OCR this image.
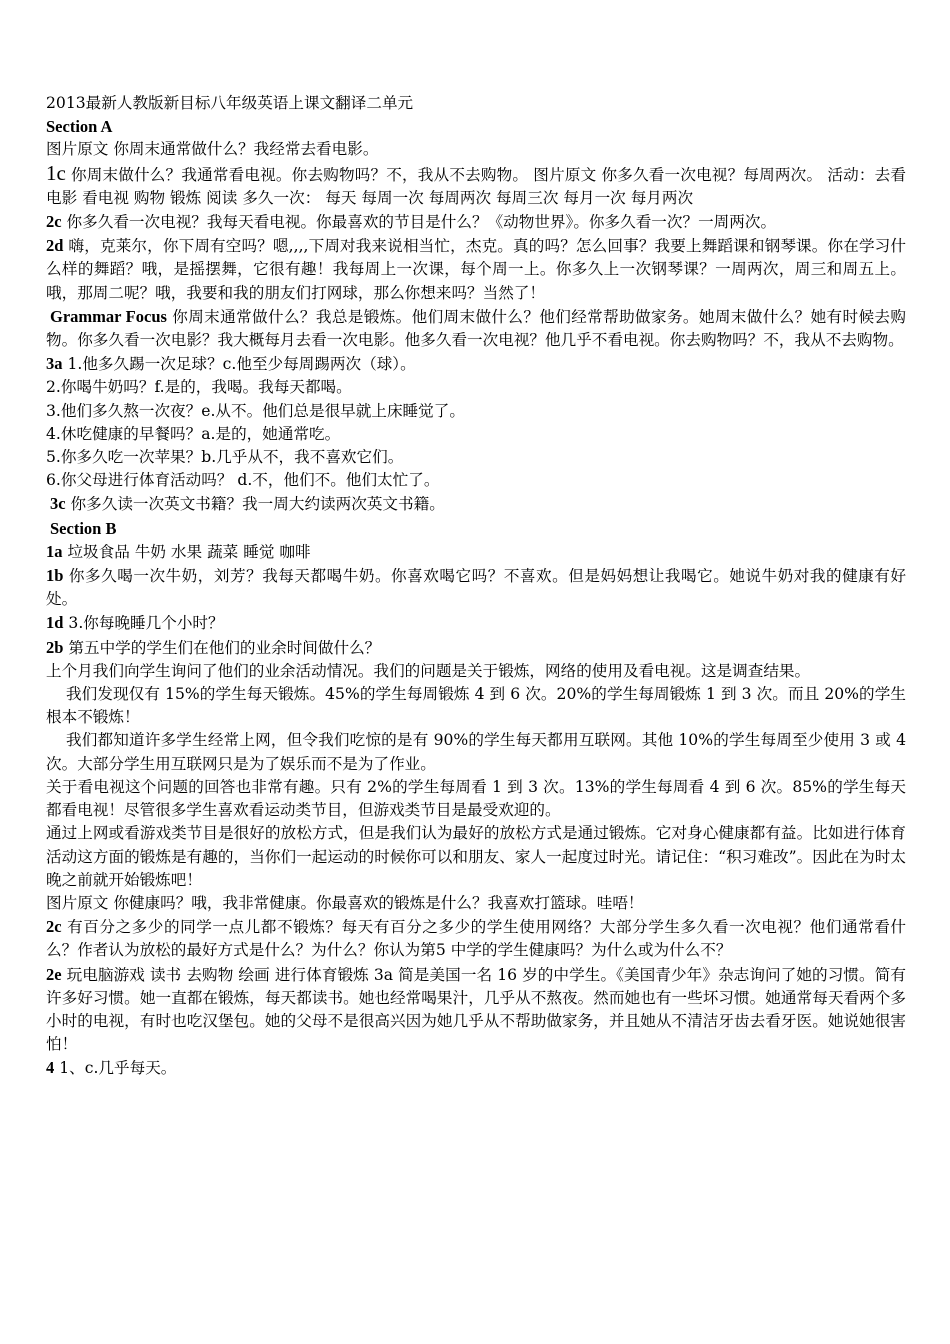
2013最新人教版新目标八年级英语上课文翻译二单元

Section A

图片原文 你周末通常做什么？我经常去看电影。

1c 你周末做什么？我通常看电视。你去购物吗？不，我从不去购物。 图片原文 你多久看一次电视？每周两次。 活动：去看电影 看电视 购物 锻炼 阅读 多久一次： 每天 每周一次 每周两次 每周三次 每月一次 每月两次

2c 你多久看一次电视？我每天看电视。你最喜欢的节目是什么？《动物世界》。你多久看一次？一周两次。

2d 嗨，克莱尔，你下周有空吗？嗯,,,,下周对我来说相当忙，杰克。真的吗？怎么回事？我要上舞蹈课和钢琴课。你在学习什么样的舞蹈？哦，是摇摆舞，它很有趣！我每周上一次课，每个周一上。你多久上一次钢琴课？一周两次，周三和周五上。哦，那周二呢？哦，我要和我的朋友们打网球，那么你想来吗？当然了！

Grammar Focus 你周末通常做什么？我总是锻炼。他们周末做什么？他们经常帮助做家务。她周末做什么？她有时候去购物。你多久看一次电影？我大概每月去看一次电影。他多久看一次电视？他几乎不看电视。你去购物吗？不，我从不去购物。

3a 1.他多久踢一次足球？c.他至少每周踢两次（球）。

2.你喝牛奶吗？f.是的，我喝。我每天都喝。

3.他们多久熬一次夜？e.从不。他们总是很早就上床睡觉了。

4.休吃健康的早餐吗？a.是的，她通常吃。

5.你多久吃一次苹果？b.几乎从不，我不喜欢它们。

6.你父母进行体育活动吗？ d.不，他们不。他们太忙了。

3c 你多久读一次英文书籍？我一周大约读两次英文书籍。

Section B

1a 垃圾食品 牛奶 水果 蔬菜 睡觉 咖啡

1b 你多久喝一次牛奶，刘芳？我每天都喝牛奶。你喜欢喝它吗？不喜欢。但是妈妈想让我喝它。她说牛奶对我的健康有好处。

1d 3.你每晚睡几个小时？

2b 第五中学的学生们在他们的业余时间做什么？

上个月我们向学生询问了他们的业余活动情况。我们的问题是关于锻炼，网络的使用及看电视。这是调查结果。

我们发现仅有 15%的学生每天锻炼。45%的学生每周锻炼 4 到 6 次。20%的学生每周锻炼 1 到 3 次。而且 20%的学生根本不锻炼！

我们都知道许多学生经常上网，但令我们吃惊的是有 90%的学生每天都用互联网。其他 10%的学生每周至少使用 3 或 4 次。大部分学生用互联网只是为了娱乐而不是为了作业。

关于看电视这个问题的回答也非常有趣。只有 2%的学生每周看 1 到 3 次。13%的学生每周看 4 到 6 次。85%的学生每天都看电视！尽管很多学生喜欢看运动类节目，但游戏类节目是最受欢迎的。

通过上网或看游戏类节目是很好的放松方式，但是我们认为最好的放松方式是通过锻炼。它对身心健康都有益。比如进行体育活动这方面的锻炼是有趣的，当你们一起运动的时候你可以和朋友、家人一起度过时光。请记住：“积习难改”。因此在为时太晚之前就开始锻炼吧！

图片原文 你健康吗？哦，我非常健康。你最喜欢的锻炼是什么？我喜欢打篮球。哇唔！

2c 有百分之多少的同学一点儿都不锻炼？每天有百分之多少的学生使用网络？大部分学生多久看一次电视？他们通常看什么？作者认为放松的最好方式是什么？为什么？你认为第5 中学的学生健康吗？为什么或为什么不？

2e 玩电脑游戏 读书 去购物 绘画 进行体育锻炼 3a 简是美国一名 16 岁的中学生。《美国青少年》杂志询问了她的习惯。简有许多好习惯。她一直都在锻炼，每天都读书。她也经常喝果汁，几乎从不熬夜。然而她也有一些坏习惯。她通常每天看两个多小时的电视，有时也吃汉堡包。她的父母不是很高兴因为她几乎从不帮助做家务，并且她从不清洁牙齿去看牙医。她说她很害怕！

4 1、c.几乎每天。
